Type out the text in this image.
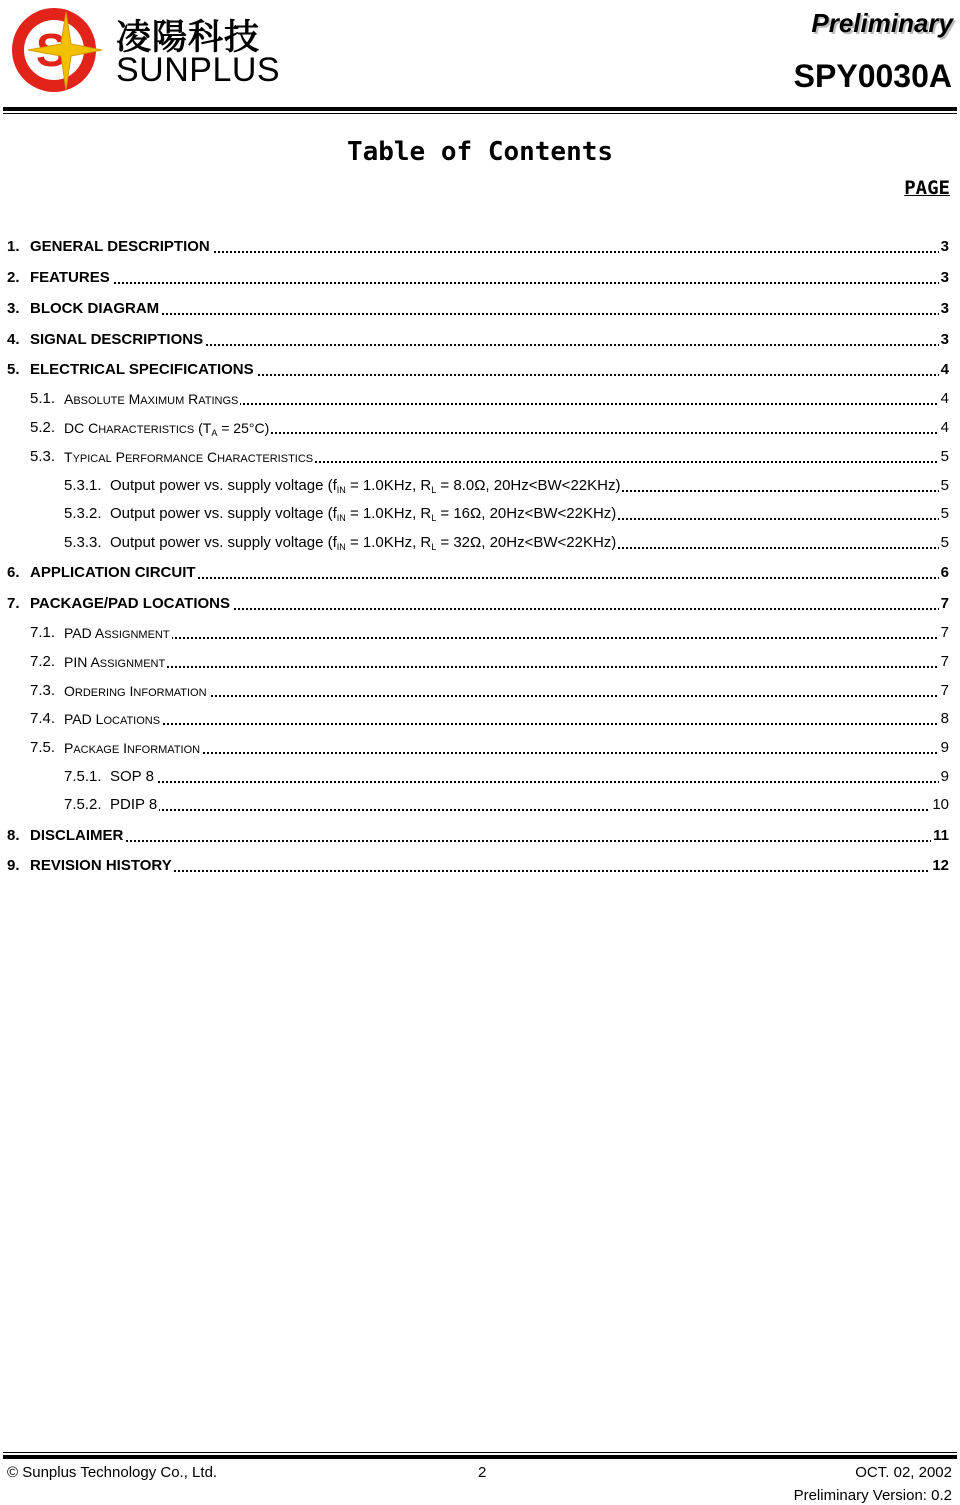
凌陽科技
SUNPLUS
Preliminary
SPY0030A
Table of Contents
PAGE
1. GENERAL DESCRIPTION	3
2. FEATURES	3
3. BLOCK DIAGRAM	3
4. SIGNAL DESCRIPTIONS	3
5. ELECTRICAL SPECIFICATIONS	4
5.1. ABSOLUTE MAXIMUM RATINGS	4
5.2. DC CHARACTERISTICS $(T_A = 25^\circ C)$	4
5.3. TYPICAL PERFORMANCE CHARACTERISTICS	5
5.3.1. Output power vs. supply voltage ($f_{IN} = 1.0KHz$, $R_L = 8.0\Omega$, 20Hz<BW<22KHz)	5
5.3.2. Output power vs. supply voltage ($f_{IN} = 1.0KHz$, $R_L = 16\Omega$, 20Hz<BW<22KHz)	5
5.3.3. Output power vs. supply voltage ($f_{IN} = 1.0KHz$, $R_L = 32\Omega$, 20Hz<BW<22KHz)	5
6. APPLICATION CIRCUIT	6
7. PACKAGE/PAD LOCATIONS	7
7.1. PAD ASSIGNMENT	7
7.2. PIN ASSIGNMENT	7
7.3. ORDERING INFORMATION	7
7.4. PAD LOCATIONS	8
7.5. PACKAGE INFORMATION	9
7.5.1. SOP 8	9
7.5.2. PDIP 8	10
8. DISCLAIMER	11
9. REVISION HISTORY	12
© Sunplus Technology Co., Ltd.	2	OCT. 02, 2002
Preliminary Version: 0.2
